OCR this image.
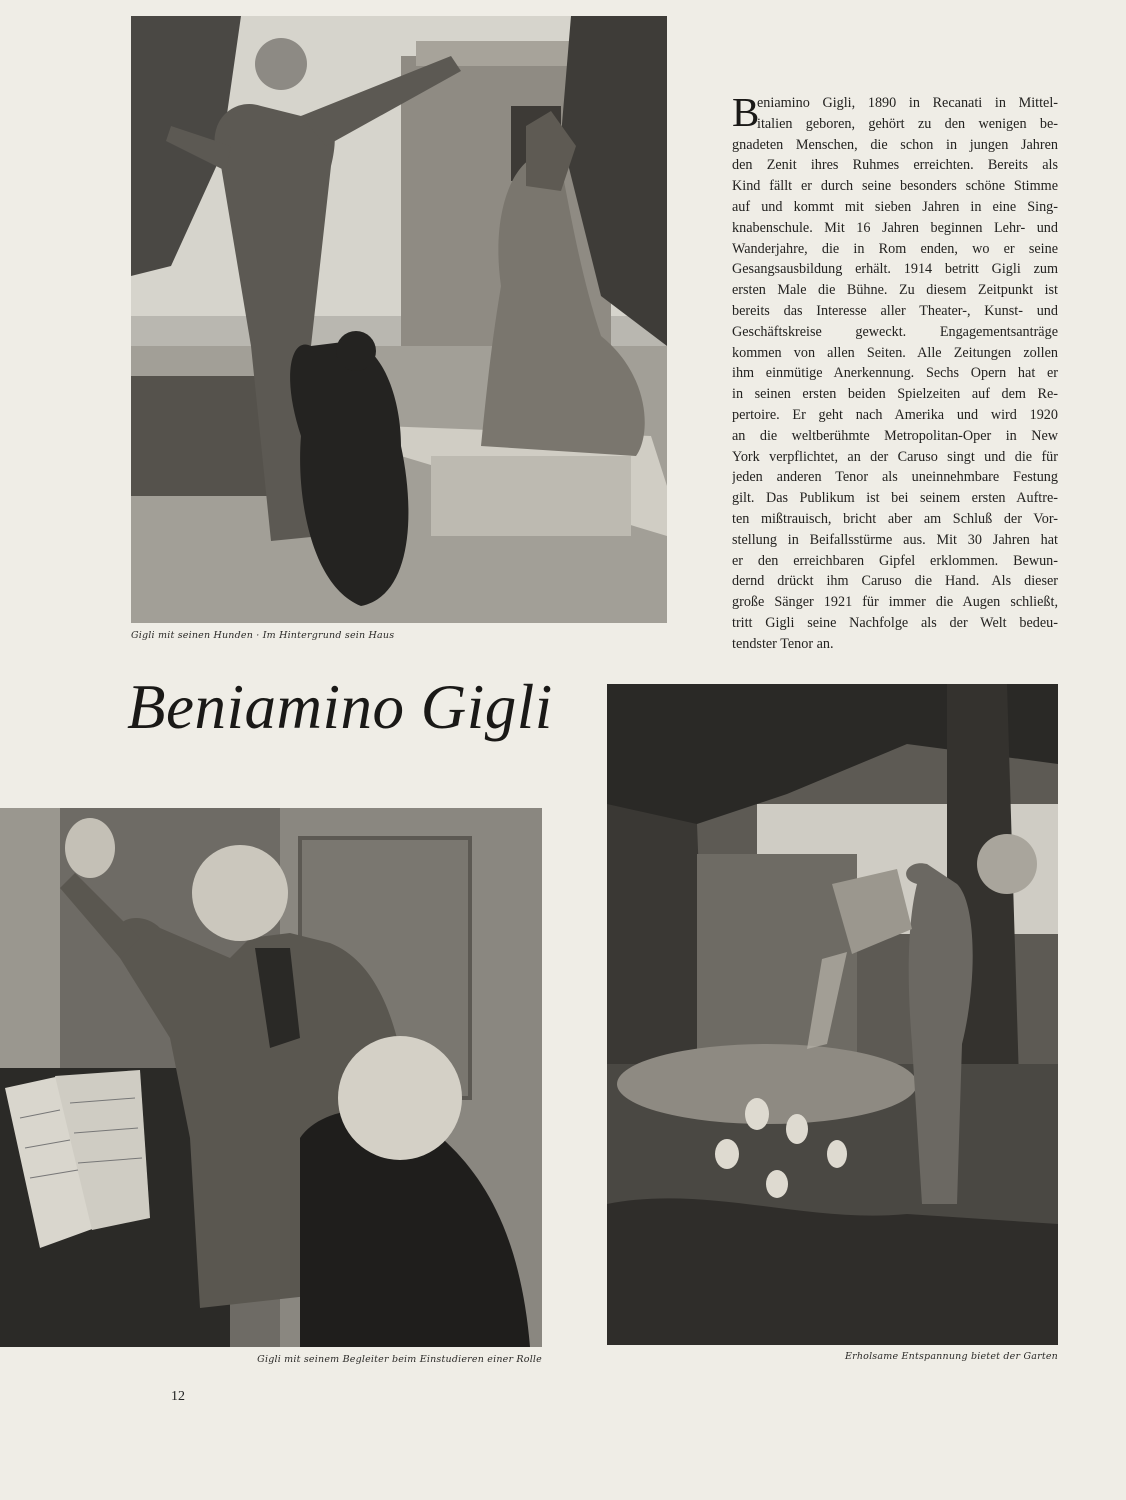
Gigli mit seinen Hunden · Im Hintergrund sein Haus
B
eniamino Gigli, 1890 in Recanati in Mittel-
italien geboren, gehört zu den wenigen be-
gnadeten Menschen, die schon in jungen Jahren
den Zenit ihres Ruhmes erreichten. Bereits als
Kind fällt er durch seine besonders schöne Stimme
auf und kommt mit sieben Jahren in eine Sing-
knabenschule. Mit 16 Jahren beginnen Lehr- und
Wanderjahre, die in Rom enden, wo er seine
Gesangsausbildung erhält. 1914 betritt Gigli zum
ersten Male die Bühne. Zu diesem Zeitpunkt ist
bereits das Interesse aller Theater-, Kunst- und
Geschäftskreise geweckt. Engagementsanträge
kommen von allen Seiten. Alle Zeitungen zollen
ihm einmütige Anerkennung. Sechs Opern hat er
in seinen ersten beiden Spielzeiten auf dem Re-
pertoire. Er geht nach Amerika und wird 1920
an die weltberühmte Metropolitan-Oper in New
York verpflichtet, an der Caruso singt und die für
jeden anderen Tenor als uneinnehmbare Festung
gilt. Das Publikum ist bei seinem ersten Auftre-
ten mißtrauisch, bricht aber am Schluß der Vor-
stellung in Beifallsstürme aus. Mit 30 Jahren hat
er den erreichbaren Gipfel erklommen. Bewun-
dernd drückt ihm Caruso die Hand. Als dieser
große Sänger 1921 für immer die Augen schließt,
tritt Gigli seine Nachfolge als der Welt bedeu-
tendster Tenor an.
Beniamino Gigli
Gigli mit seinem Begleiter beim Einstudieren einer Rolle	Erholsame Entspannung bietet der Garten
12
